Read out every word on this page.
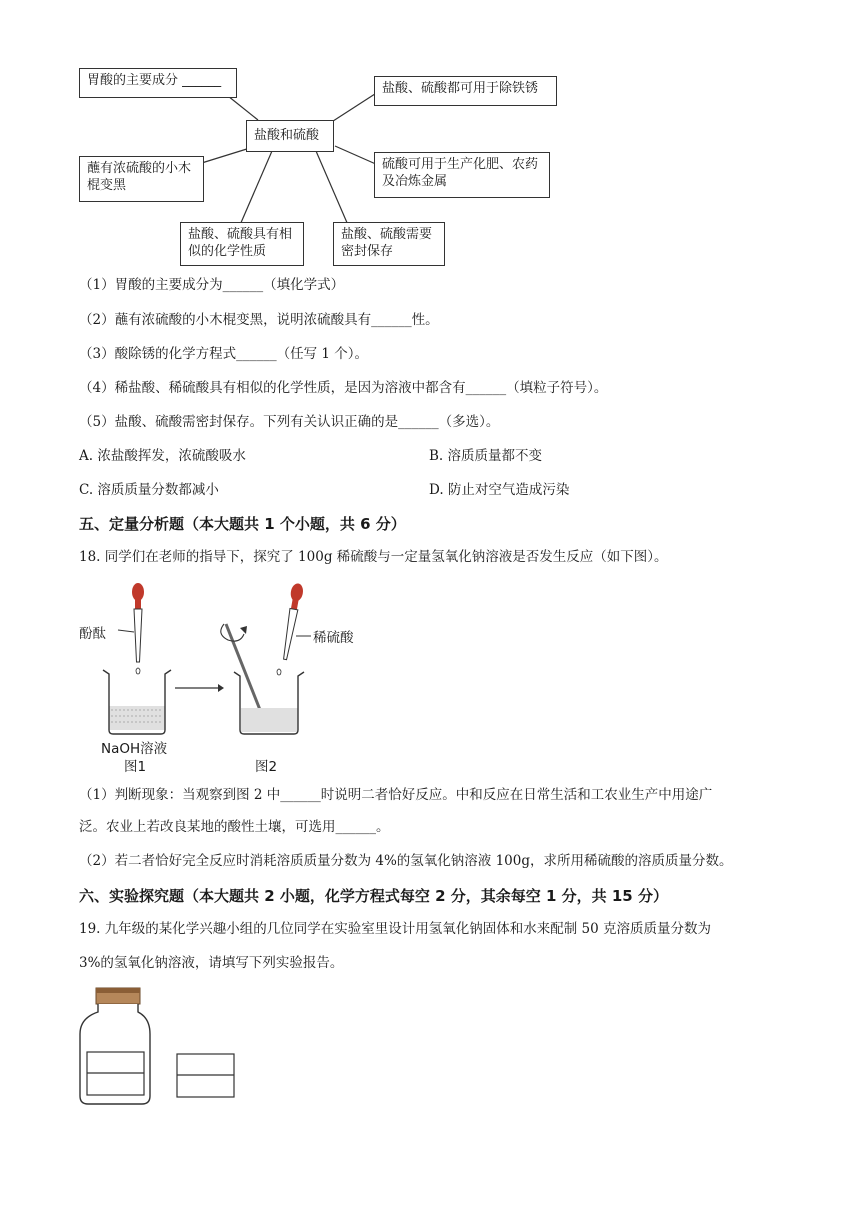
胃酸的主要成分 ______
盐酸、硫酸都可用于除铁锈
盐酸和硫酸
蘸有浓硫酸的小木棍变黑
硫酸可用于生产化肥、农药及冶炼金属
盐酸、硫酸具有相似的化学性质
盐酸、硫酸需要密封保存
（1）胃酸的主要成分为______（填化学式）
（2）蘸有浓硫酸的小木棍变黑，说明浓硫酸具有______性。
（3）酸除锈的化学方程式______（任写 1 个）。
（4）稀盐酸、稀硫酸具有相似的化学性质，是因为溶液中都含有______（填粒子符号）。
（5）盐酸、硫酸需密封保存。下列有关认识正确的是______（多选）。
A. 浓盐酸挥发，浓硫酸吸水	B. 溶质质量都不变
C. 溶质质量分数都减小	D. 防止对空气造成污染
五、定量分析题（本大题共 1 个小题，共 6 分）
18. 同学们在老师的指导下，探究了 100g 稀硫酸与一定量氢氧化钠溶液是否发生反应（如下图）。
酚酞	稀硫酸
NaOH溶液
图1	图2
（1）判断现象：当观察到图 2 中______时说明二者恰好反应。中和反应在日常生活和工农业生产中用途广
泛。农业上若改良某地的酸性土壤，可选用______。
（2）若二者恰好完全反应时消耗溶质质量分数为 4%的氢氧化钠溶液 100g，求所用稀硫酸的溶质质量分数。
六、实验探究题（本大题共 2 小题，化学方程式每空 2 分，其余每空 1 分，共 15 分）
19. 九年级的某化学兴趣小组的几位同学在实验室里设计用氢氧化钠固体和水来配制 50 克溶质质量分数为
3%的氢氧化钠溶液，请填写下列实验报告。
